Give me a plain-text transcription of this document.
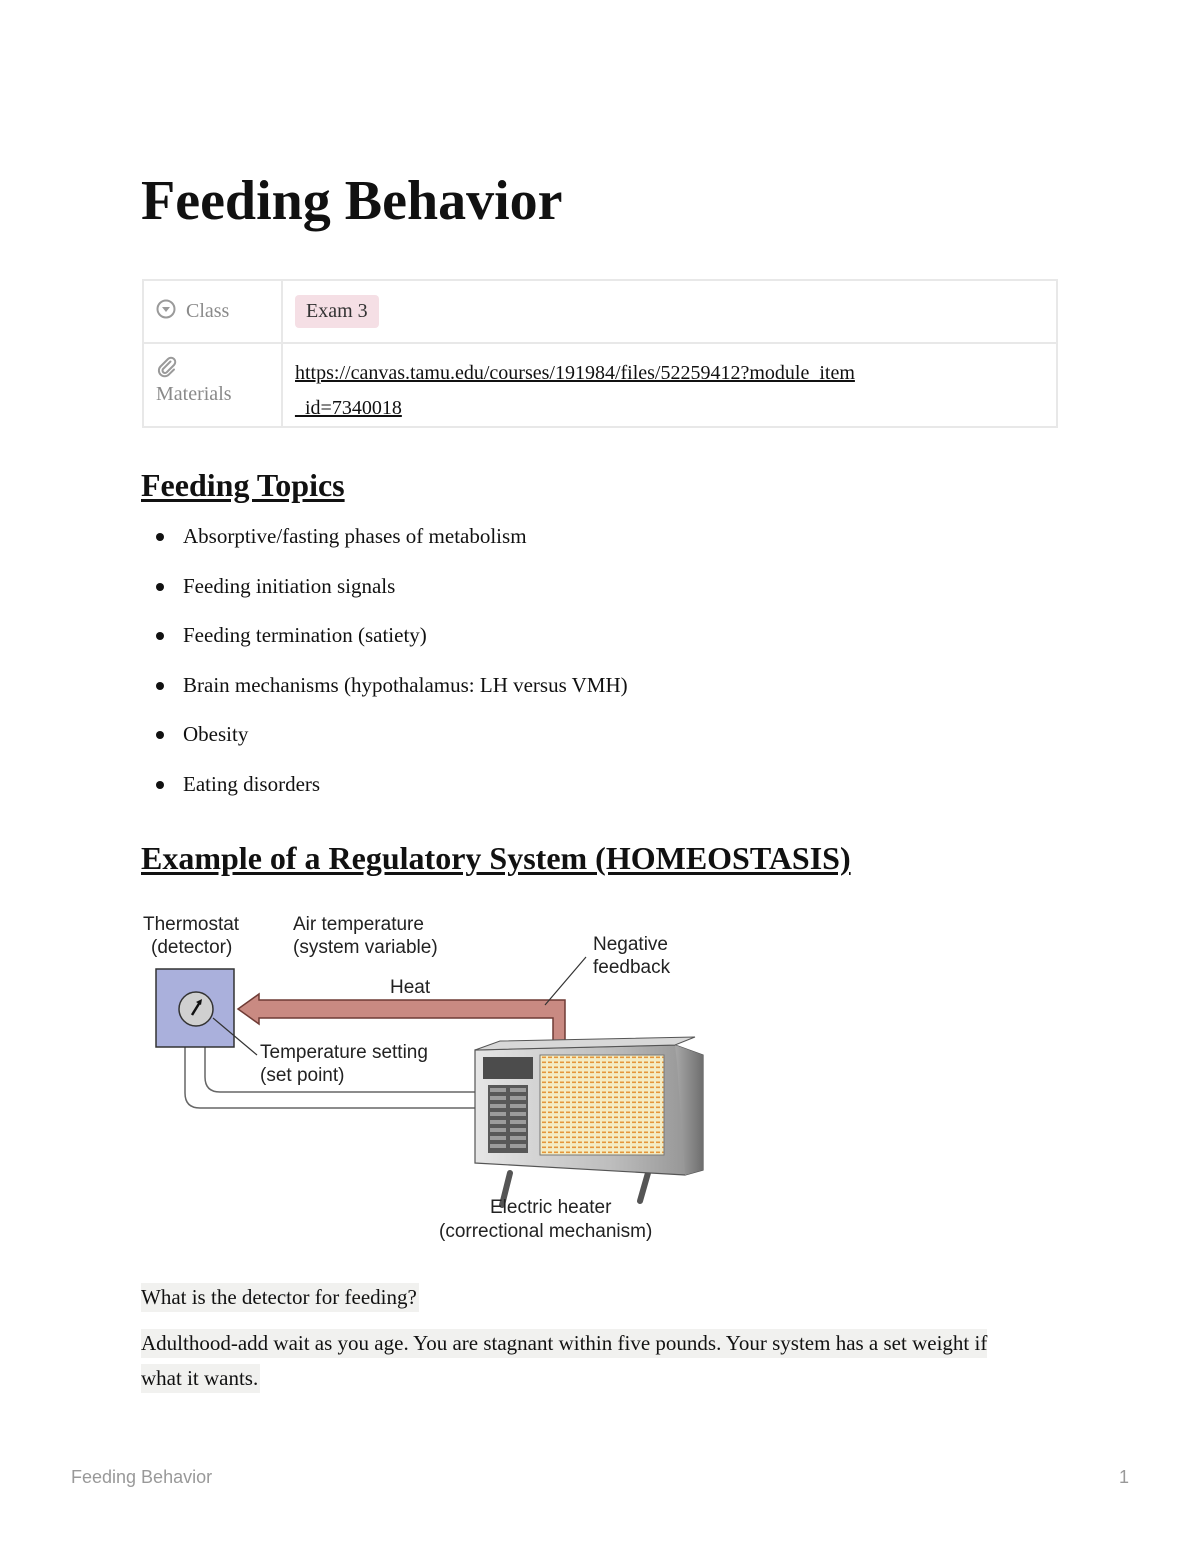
Feeding Behavior
Class	Exam 3

Materials	https://canvas.tamu.edu/courses/191984/files/52259412?module_item_id=7340018
Feeding Topics
Absorptive/fasting phases of metabolism
Feeding initiation signals
Feeding termination (satiety)
Brain mechanisms (hypothalamus: LH versus VMH)
Obesity
Eating disorders
Example of a Regulatory System (HOMEOSTASIS)
Thermostat
(detector)
Air temperature
(system variable)	Negative
feedback
Heat
Temperature setting
(set point)
Electric heater
(correctional mechanism)

What is the detector for feeding?

Adulthood-add wait as you age. You are stagnant within five pounds. Your system has a set weight if what it wants.

Feeding Behavior	1
